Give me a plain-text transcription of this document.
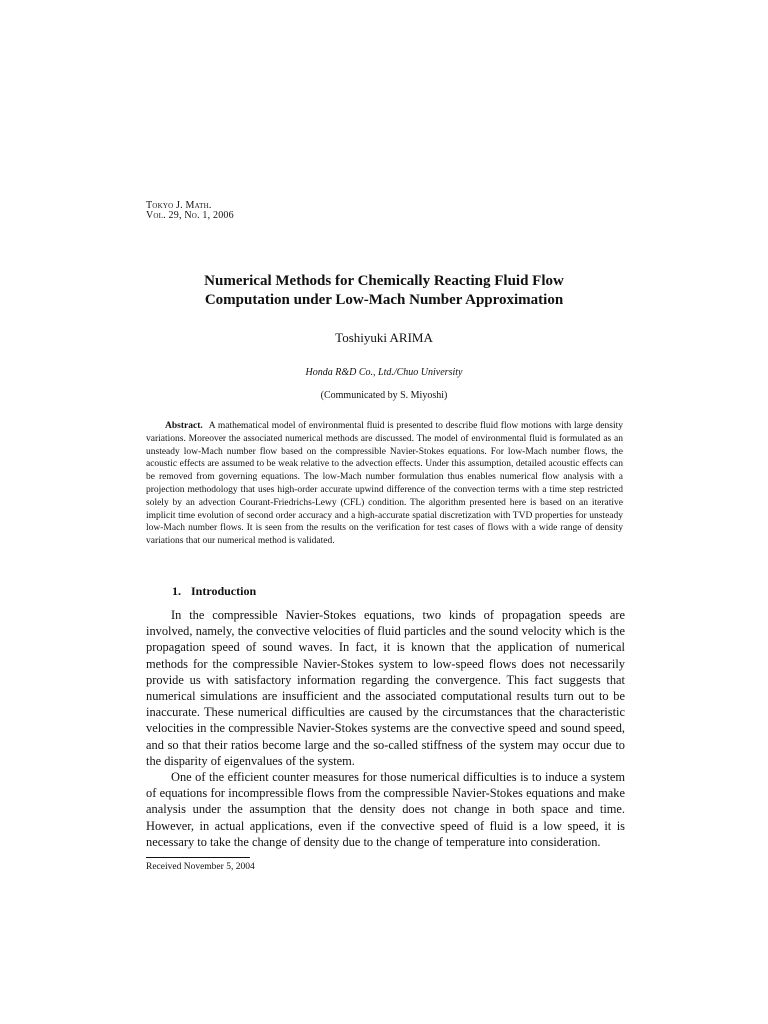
Tokyo J. Math.
Vol. 29, No. 1, 2006
Numerical Methods for Chemically Reacting Fluid Flow
Computation under Low-Mach Number Approximation
Toshiyuki ARIMA
Honda R&D Co., Ltd./Chuo University
(Communicated by S. Miyoshi)

Abstract. A mathematical model of environmental fluid is presented to describe fluid flow motions with large density variations. Moreover the associated numerical methods are discussed. The model of environmental fluid is formulated as an unsteady low-Mach number flow based on the compressible Navier-Stokes equations. For low-Mach number flows, the acoustic effects are assumed to be weak relative to the advection effects. Under this assumption, detailed acoustic effects can be removed from governing equations. The low-Mach number formulation thus enables numerical flow analysis with a projection methodology that uses high-order accurate upwind difference of the convection terms with a time step restricted solely by an advection Courant-Friedrichs-Lewy (CFL) condition. The algorithm presented here is based on an iterative implicit time evolution of second order accuracy and a high-accurate spatial discretization with TVD properties for unsteady low-Mach number flows. It is seen from the results on the verification for test cases of flows with a wide range of density variations that our numerical method is validated.

1. Introduction

In the compressible Navier-Stokes equations, two kinds of propagation speeds are involved, namely, the convective velocities of fluid particles and the sound velocity which is the propagation speed of sound waves. In fact, it is known that the application of numerical methods for the compressible Navier-Stokes system to low-speed flows does not necessarily provide us with satisfactory information regarding the convergence. This fact suggests that numerical simulations are insufficient and the associated computational results turn out to be inaccurate. These numerical difficulties are caused by the circumstances that the characteristic velocities in the compressible Navier-Stokes systems are the convective speed and sound speed, and so that their ratios become large and the so-called stiffness of the system may occur due to the disparity of eigenvalues of the system.

One of the efficient counter measures for those numerical difficulties is to induce a system of equations for incompressible flows from the compressible Navier-Stokes equations and make analysis under the assumption that the density does not change in both space and time. However, in actual applications, even if the convective speed of fluid is a low speed, it is necessary to take the change of density due to the change of temperature into consideration.

Received November 5, 2004
